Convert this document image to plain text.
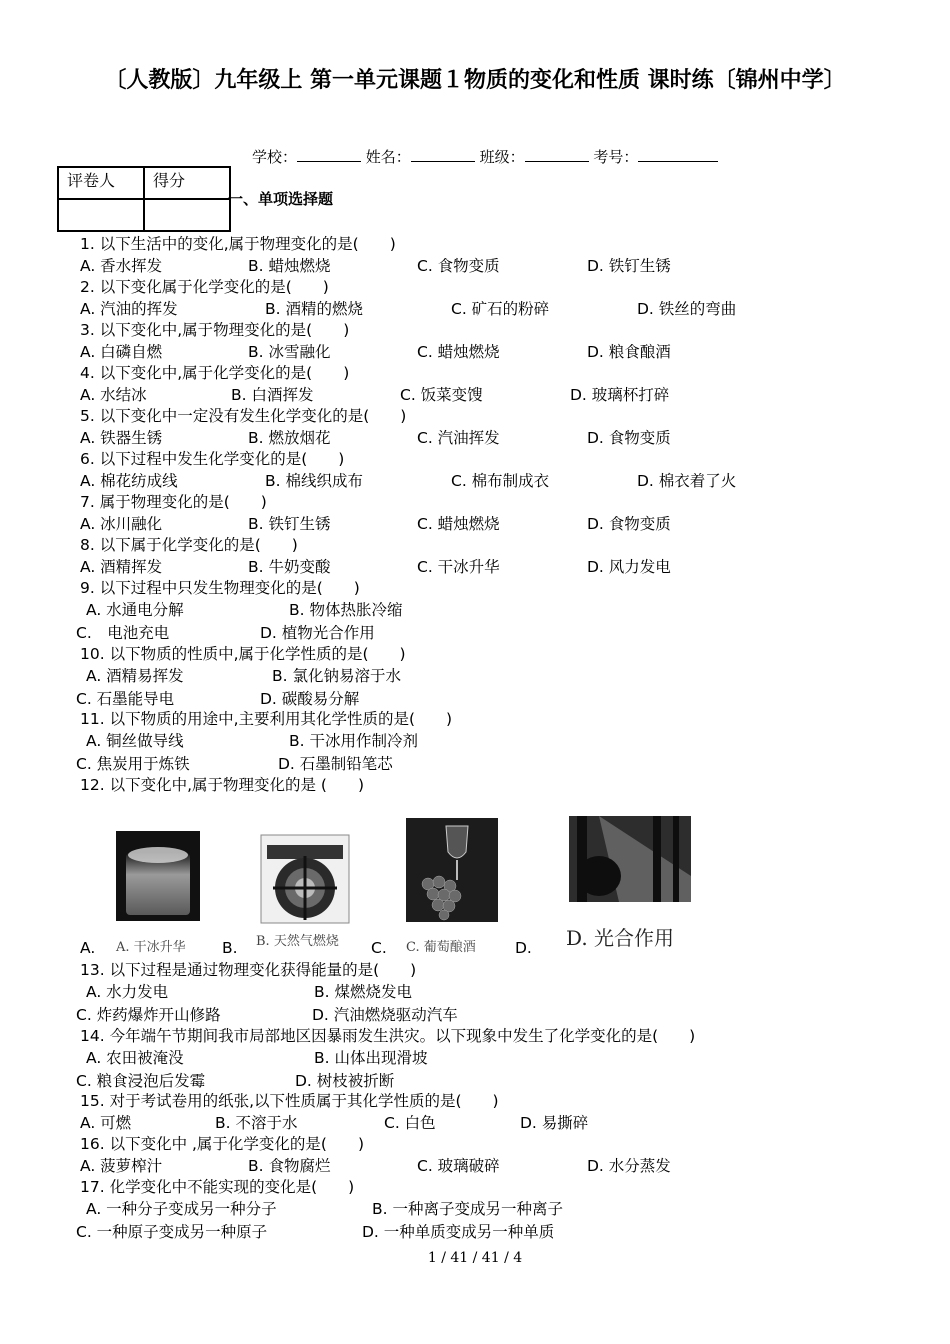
〔人教版〕九年级上 第一单元课题１物质的变化和性质 课时练〔锦州中学〕
学校：	姓名：	班级：	考号：
评卷人	得分

一、单项选择题
1. 以下生活中的变化,属于物理变化的是(　　)
A. 香水挥发	B. 蜡烛燃烧	C. 食物变质	D. 铁钉生锈
2. 以下变化属于化学变化的是(　　)
A. 汽油的挥发	B. 酒精的燃烧	C. 矿石的粉碎	D. 铁丝的弯曲
3. 以下变化中,属于物理变化的是(　　)
A. 白磷自燃	B. 冰雪融化	C. 蜡烛燃烧	D. 粮食酿酒
4. 以下变化中,属于化学变化的是(　　)
A. 水结冰	B. 白酒挥发	C. 饭菜变馊	D. 玻璃杯打碎
5. 以下变化中一定没有发生化学变化的是(　　)
A. 铁器生锈	B. 燃放烟花	C. 汽油挥发	D. 食物变质
6. 以下过程中发生化学变化的是(　　)
A. 棉花纺成线	B. 棉线织成布	C. 棉布制成衣	D. 棉衣着了火
7. 属于物理变化的是(　　)
A. 冰川融化	B. 铁钉生锈	C. 蜡烛燃烧	D. 食物变质
8. 以下属于化学变化的是(　　)
A. 酒精挥发	B. 牛奶变酸	C. 干冰升华	D. 风力发电
9. 以下过程中只发生物理变化的是(　　)
A. 水通电分解	B. 物体热胀冷缩
C.　电池充电	D. 植物光合作用
10. 以下物质的性质中,属于化学性质的是(　　)
A. 酒精易挥发	B. 氯化钠易溶于水
C. 石墨能导电	D. 碳酸易分解
11. 以下物质的用途中,主要利用其化学性质的是(　　)
A. 铜丝做导线	B. 干冰用作制冷剂
C. 焦炭用于炼铁	D. 石墨制铅笔芯
12. 以下变化中,属于物理变化的是 (　　)
A. 干冰升华	B. 天然气燃烧	C. 葡萄酿酒	D. 光合作用
A.	B.	C.	D.
13. 以下过程是通过物理变化获得能量的是(　　)
A. 水力发电	B. 煤燃烧发电
C. 炸药爆炸开山修路	D. 汽油燃烧驱动汽车
14. 今年端午节期间我市局部地区因暴雨发生洪灾。以下现象中发生了化学变化的是(　　)
A. 农田被淹没	B. 山体出现滑坡
C. 粮食浸泡后发霉	D. 树枝被折断
15. 对于考试卷用的纸张,以下性质属于其化学性质的是(　　)
A. 可燃	B. 不溶于水	C. 白色	D. 易撕碎
16. 以下变化中 ,属于化学变化的是(　　)
A. 菠萝榨汁	B. 食物腐烂	C. 玻璃破碎	D. 水分蒸发
17. 化学变化中不能实现的变化是(　　)
A. 一种分子变成另一种分子	B. 一种离子变成另一种离子
C. 一种原子变成另一种原子	D. 一种单质变成另一种单质
1 / 41 / 41 / 4
